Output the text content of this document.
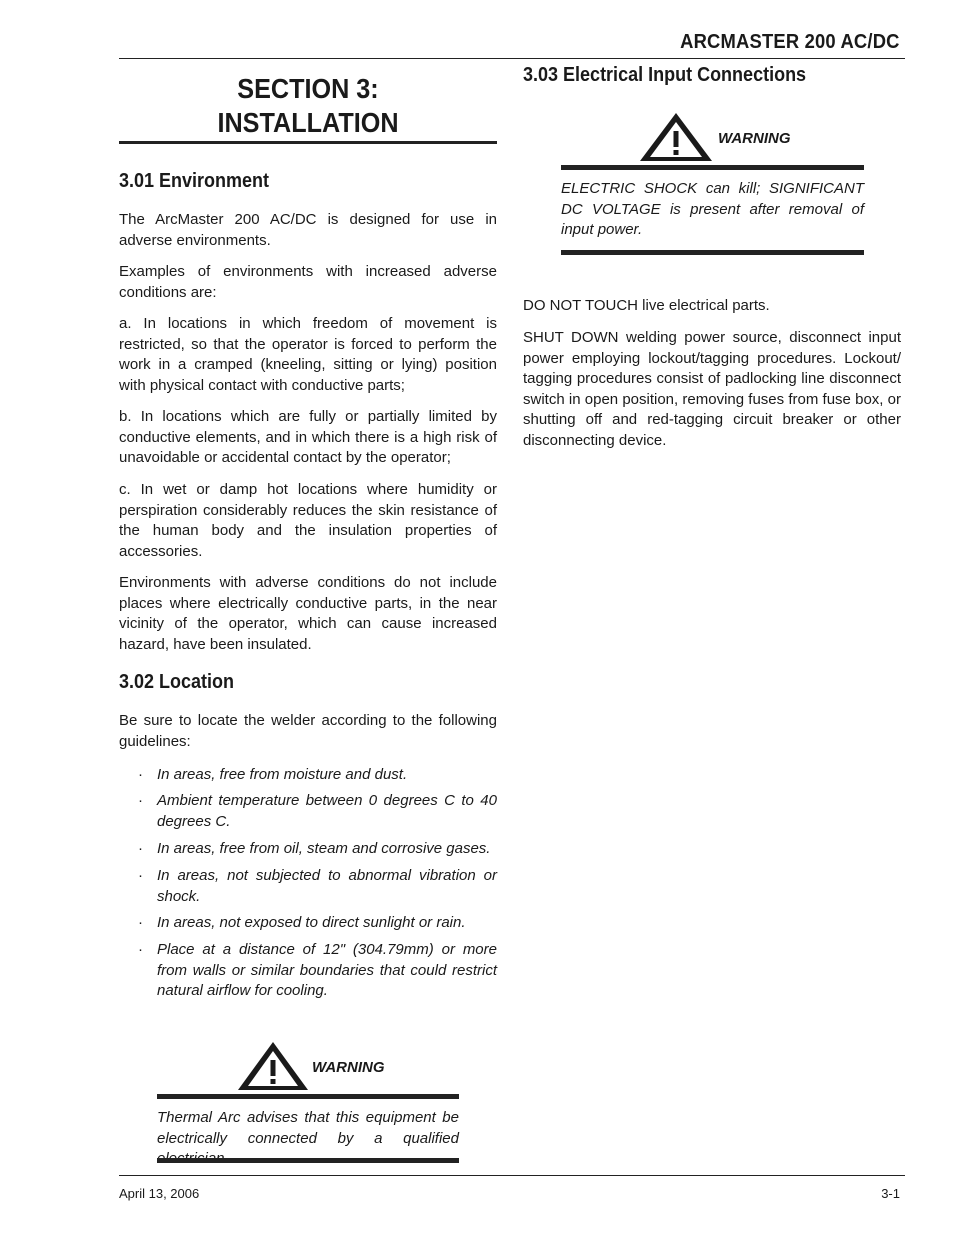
ARCMASTER 200 AC/DC
SECTION 3:
INSTALLATION
3.01 Environment

The ArcMaster 200 AC/DC is designed for use in adverse environments.

Examples of environments with increased adverse conditions are:

a. In locations in which freedom of movement is restricted, so that the operator is forced to perform the work in a cramped (kneeling, sitting or lying) position with physical contact with conductive parts;

b. In locations which are fully or partially limited by conductive elements, and in which there is a high risk of unavoidable or accidental contact by the operator;

c. In wet or damp hot locations where humidity or perspiration considerably reduces the skin resistance of the human body and the insulation properties of accessories.

Environments with adverse conditions do not include places where electrically conductive parts, in the near vicinity of the operator, which can cause increased hazard, have been insulated.

3.02 Location

Be sure to locate the welder according to the following guidelines:

· In areas, free from moisture and dust.
· Ambient temperature between 0 degrees C to 40 degrees C.
· In areas, free from oil, steam and corrosive gases.
· In areas, not subjected to abnormal vibration or shock.
· In areas, not exposed to direct sunlight or rain.
· Place at a distance of 12" (304.79mm) or more from walls or similar boundaries that could restrict natural airflow for cooling.
WARNING
Thermal Arc advises that this equipment be electrically connected by a qualified electrician.
3.03 Electrical Input Connections
WARNING
ELECTRIC SHOCK can kill; SIGNIFICANT DC VOLTAGE is present after removal of input power.

DO NOT TOUCH live electrical parts.

SHUT DOWN welding power source, disconnect input power employing lockout/tagging procedures. Lockout/ tagging procedures consist of padlocking line disconnect switch in open position, removing fuses from fuse box, or shutting off and red-tagging circuit breaker or other disconnecting device.

April 13, 2006	3-1
